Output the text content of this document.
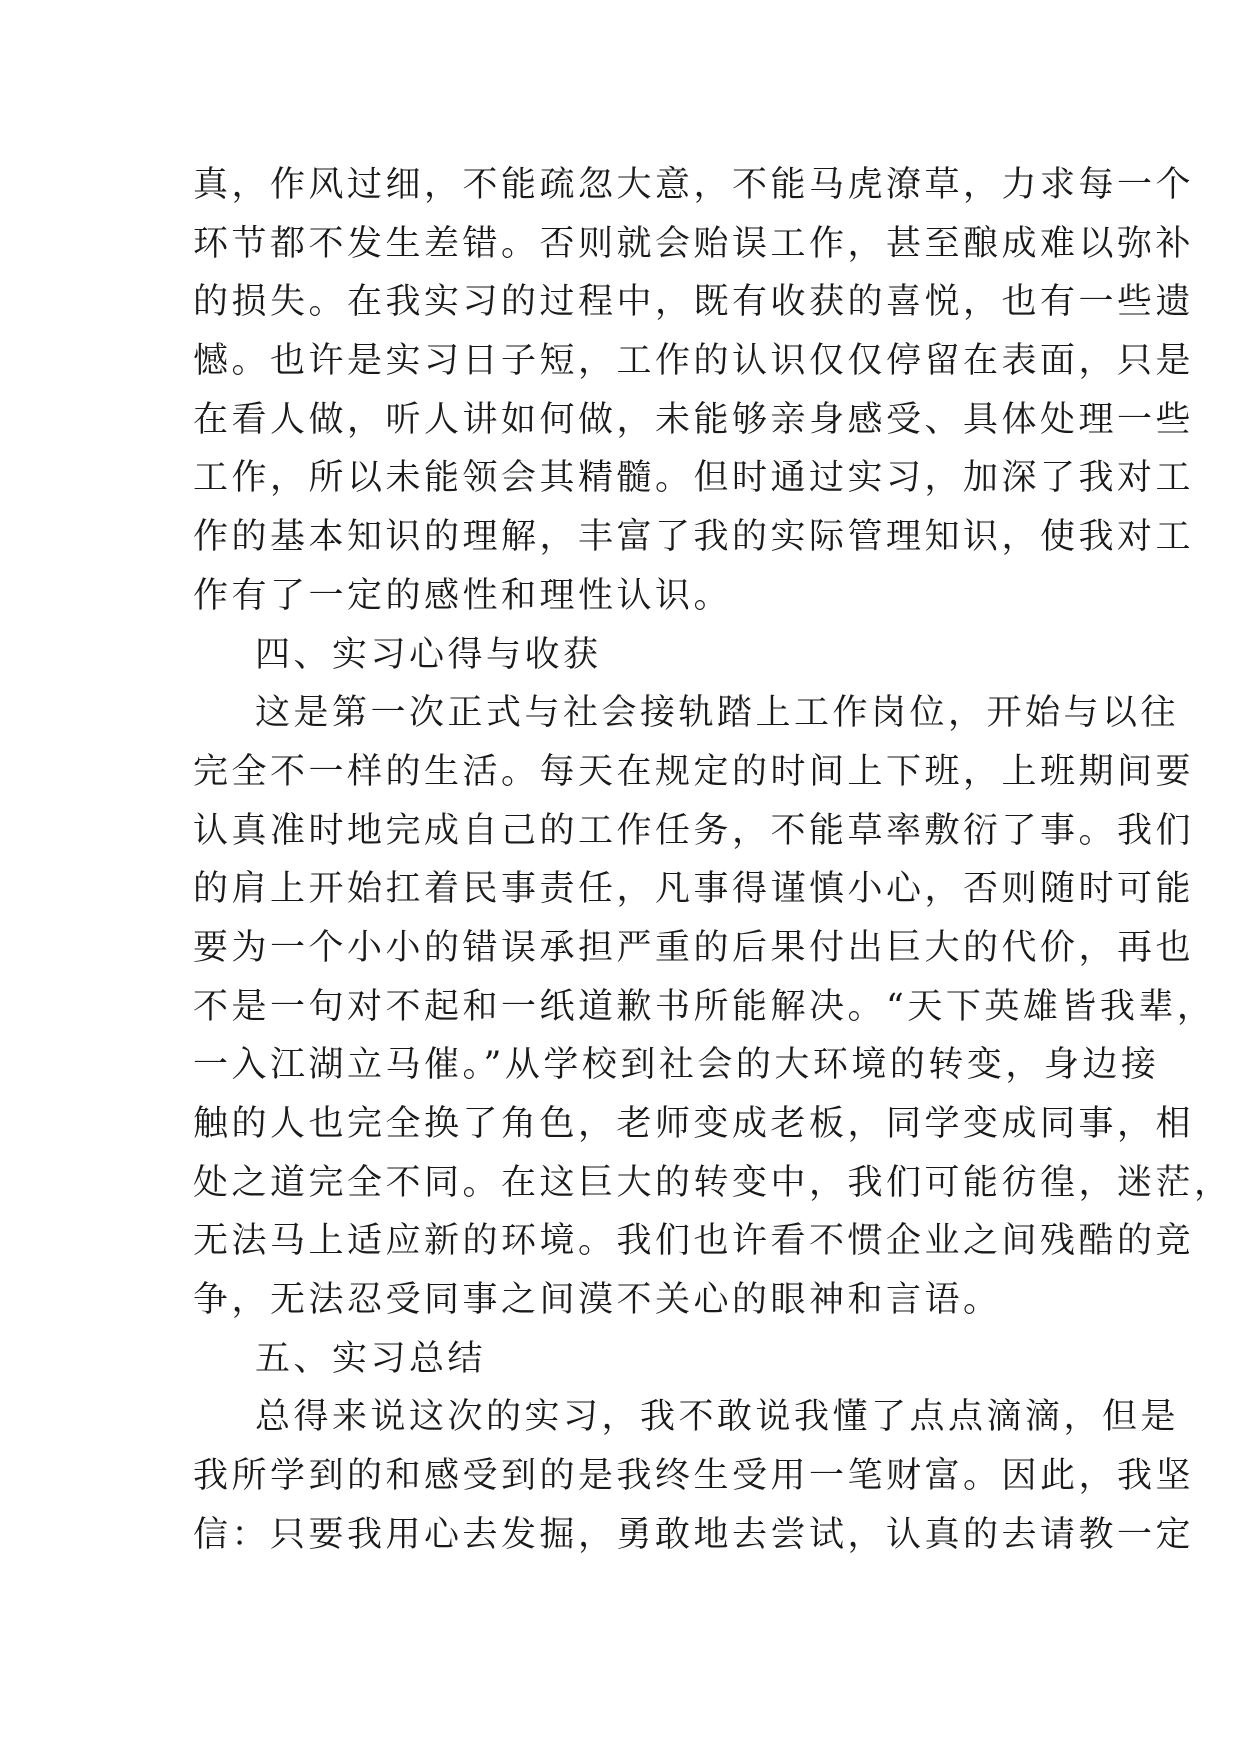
真，作风过细，不能疏忽大意，不能马虎潦草，力求每一个
环节都不发生差错。否则就会贻误工作，甚至酿成难以弥补
的损失。在我实习的过程中，既有收获的喜悦，也有一些遗
憾。也许是实习日子短，工作的认识仅仅停留在表面，只是
在看人做，听人讲如何做，未能够亲身感受、具体处理一些
工作，所以未能领会其精髓。但时通过实习，加深了我对工
作的基本知识的理解，丰富了我的实际管理知识，使我对工
作有了一定的感性和理性认识。
四、实习心得与收获
这是第一次正式与社会接轨踏上工作岗位，开始与以往
完全不一样的生活。每天在规定的时间上下班，上班期间要
认真准时地完成自己的工作任务，不能草率敷衍了事。我们
的肩上开始扛着民事责任，凡事得谨慎小心，否则随时可能
要为一个小小的错误承担严重的后果付出巨大的代价，再也
不是一句对不起和一纸道歉书所能解决。“天下英雄皆我辈，
一入江湖立马催。”从学校到社会的大环境的转变，身边接
触的人也完全换了角色，老师变成老板，同学变成同事，相
处之道完全不同。在这巨大的转变中，我们可能彷徨，迷茫，
无法马上适应新的环境。我们也许看不惯企业之间残酷的竞
争，无法忍受同事之间漠不关心的眼神和言语。
五、实习总结
总得来说这次的实习，我不敢说我懂了点点滴滴，但是
我所学到的和感受到的是我终生受用一笔财富。因此，我坚
信：只要我用心去发掘，勇敢地去尝试，认真的去请教一定
